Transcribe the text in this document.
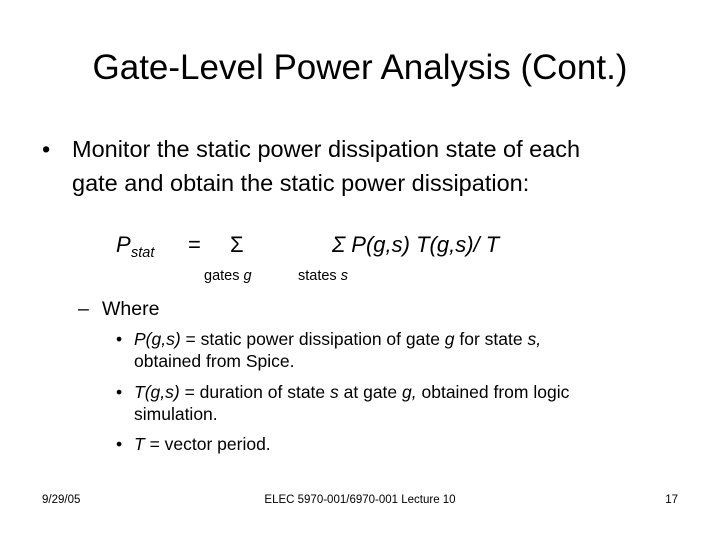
Gate-Level Power Analysis (Cont.)
• Monitor the static power dissipation state of each
gate and obtain the static power dissipation:
P stat = Σ	Σ P(g,s) T(g,s)/ T
gates g	states s
– Where
• P(g,s) = static power dissipation of gate g for state s,
obtained from Spice.
• T(g,s) = duration of state s at gate g, obtained from logic
simulation.
• T = vector period.
9/29/05	ELEC 5970-001/6970-001 Lecture 10	17
